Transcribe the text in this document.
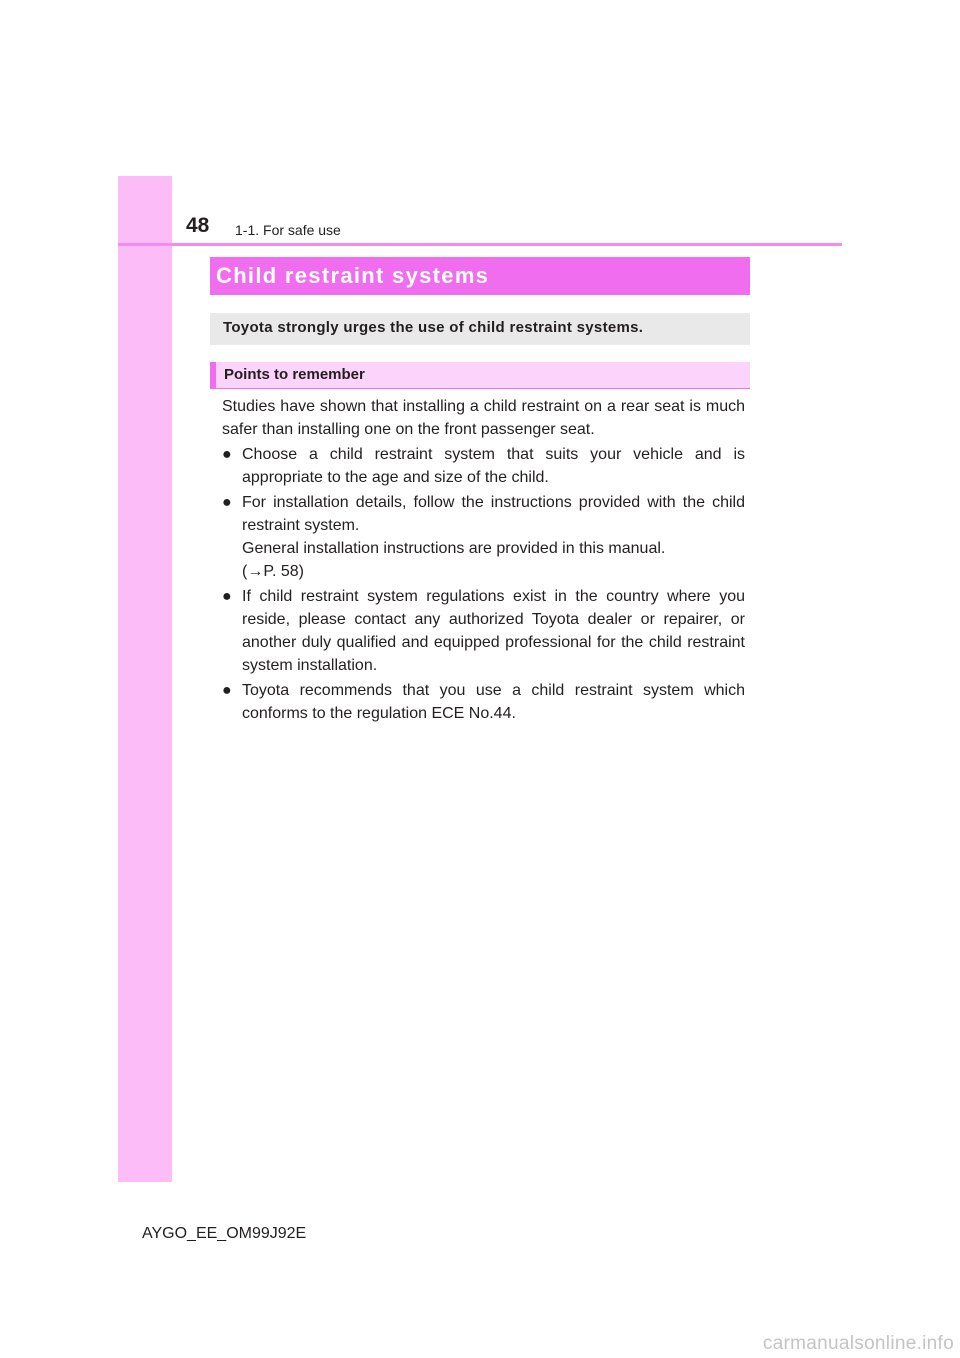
48 1-1. For safe use
Child restraint systems
Toyota strongly urges the use of child restraint systems.
Points to remember

Studies have shown that installing a child restraint on a rear seat is much safer than installing one on the front passenger seat.

● Choose a child restraint system that suits your vehicle and is appropriate to the age and size of the child.
● For installation details, follow the instructions provided with the child restraint system.
General installation instructions are provided in this manual.
(→P. 58)
● If child restraint system regulations exist in the country where you reside, please contact any authorized Toyota dealer or repairer, or another duly qualified and equipped professional for the child restraint system installation.
● Toyota recommends that you use a child restraint system which conforms to the regulation ECE No.44.
AYGO_EE_OM99J92E
carmanualsonline.info
